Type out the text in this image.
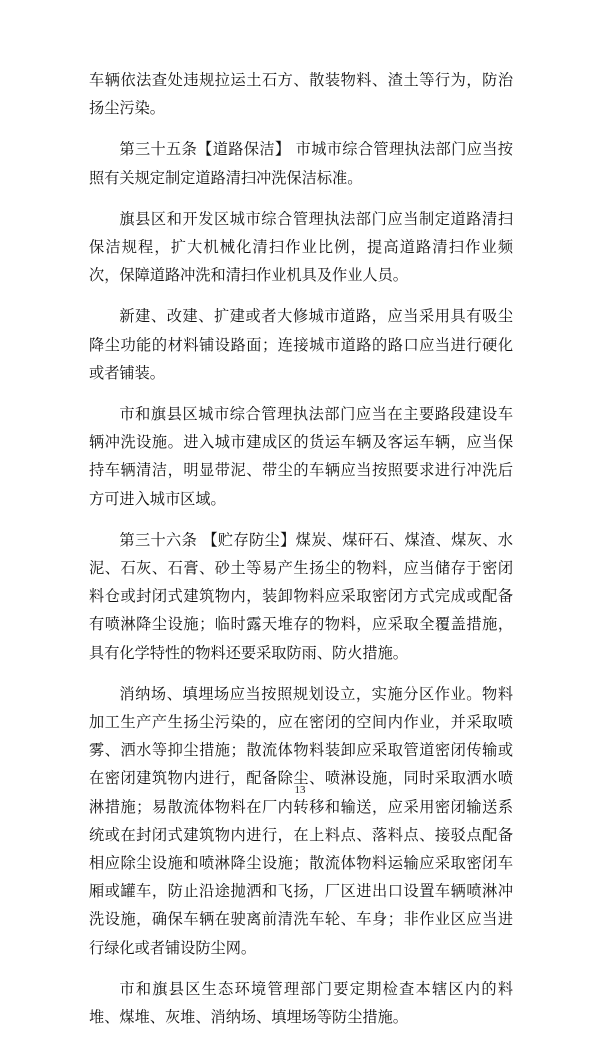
车辆依法查处违规拉运土石方、散装物料、渣土等行为，防治扬尘污染。

第三十五条【道路保洁】 市城市综合管理执法部门应当按照有关规定制定道路清扫冲洗保洁标准。

旗县区和开发区城市综合管理执法部门应当制定道路清扫保洁规程，扩大机械化清扫作业比例，提高道路清扫作业频次，保障道路冲洗和清扫作业机具及作业人员。

新建、改建、扩建或者大修城市道路，应当采用具有吸尘降尘功能的材料铺设路面；连接城市道路的路口应当进行硬化或者铺装。

市和旗县区城市综合管理执法部门应当在主要路段建设车辆冲洗设施。进入城市建成区的货运车辆及客运车辆，应当保持车辆清洁，明显带泥、带尘的车辆应当按照要求进行冲洗后方可进入城市区域。

第三十六条 【贮存防尘】煤炭、煤矸石、煤渣、煤灰、水泥、石灰、石膏、砂土等易产生扬尘的物料，应当储存于密闭料仓或封闭式建筑物内，装卸物料应采取密闭方式完成或配备有喷淋降尘设施；临时露天堆存的物料，应采取全覆盖措施，具有化学特性的物料还要采取防雨、防火措施。

消纳场、填埋场应当按照规划设立，实施分区作业。物料加工生产产生扬尘污染的，应在密闭的空间内作业，并采取喷雾、洒水等抑尘措施；散流体物料装卸应采取管道密闭传输或在密闭建筑物内进行，配备除尘、喷淋设施，同时采取洒水喷淋措施；易散流体物料在厂内转移和输送，应采用密闭输送系统或在封闭式建筑物内进行，在上料点、落料点、接驳点配备相应除尘设施和喷淋降尘设施；散流体物料运输应采取密闭车厢或罐车，防止沿途抛洒和飞扬，厂区进出口设置车辆喷淋冲洗设施，确保车辆在驶离前清洗车轮、车身；非作业区应当进行绿化或者铺设防尘网。

市和旗县区生态环境管理部门要定期检查本辖区内的料堆、煤堆、灰堆、消纳场、填埋场等防尘措施。

13
